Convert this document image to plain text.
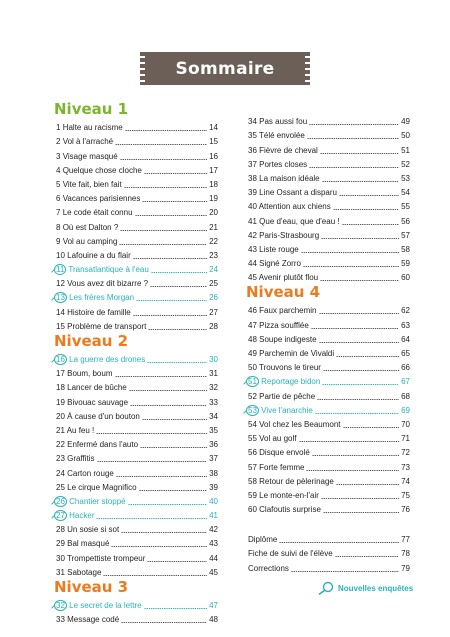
Sommaire
Niveau 1
1 Halte au racisme	14
2 Vol à l'arraché	15
3 Visage masqué	16
4 Quelque chose cloche	17
5 Vite fait, bien fait	18
6 Vacances parisiennes	19
7 Le code était connu	20
8 Où est Dalton ?	21
9 Vol au camping	22
10 Lafouine a du flair	23
11 Transatlantique à l'eau	24
12 Vous avez dit bizarre ?	25
13 Les frères Morgan	26
14 Histoire de famille	27
15 Problème de transport	28
Niveau 2
16 La guerre des drones	30
17 Boum, boum	31
18 Lancer de bûche	32
19 Bivouac sauvage	33
20 À cause d'un bouton	34
21 Au feu !	35
22 Enfermé dans l'auto	36
23 Graffitis	37
24 Carton rouge	38
25 Le cirque Magnifico	39
26 Chantier stoppé	40
27 Hacker	41
28 Un sosie si sot	42
29 Bal masqué	43
30 Trompettiste trompeur	44
31 Sabotage	45
Niveau 3
32 Le secret de la lettre	47
33 Message codé	48
34 Pas aussi fou	49
35 Télé envolée	50
36 Fièvre de cheval	51
37 Portes closes	52
38 La maison idéale	53
39 Line Ossant a disparu	54
40 Attention aux chiens	55
41 Que d'eau, que d'eau !	56
42 Paris-Strasbourg	57
43 Liste rouge	58
44 Signé Zorro	59
45 Avenir plutôt flou	60
Niveau 4
46 Faux parchemin	62
47 Pizza soufflée	63
48 Soupe indigeste	64
49 Parchemin de Vivaldi	65
50 Trouvons le tireur	66
51 Reportage bidon	67
52 Partie de pêche	68
53 Vive l'anarchie	69
54 Vol chez les Beaumont	70
55 Vol au golf	71
56 Disque envolé	72
57 Forte femme	73
58 Retour de pèlerinage	74
59 Le monte-en-l'air	75
60 Clafoutis surprise	76
Diplôme	77
Fiche de suivi de l'élève	78
Corrections	79
Nouvelles enquêtes
